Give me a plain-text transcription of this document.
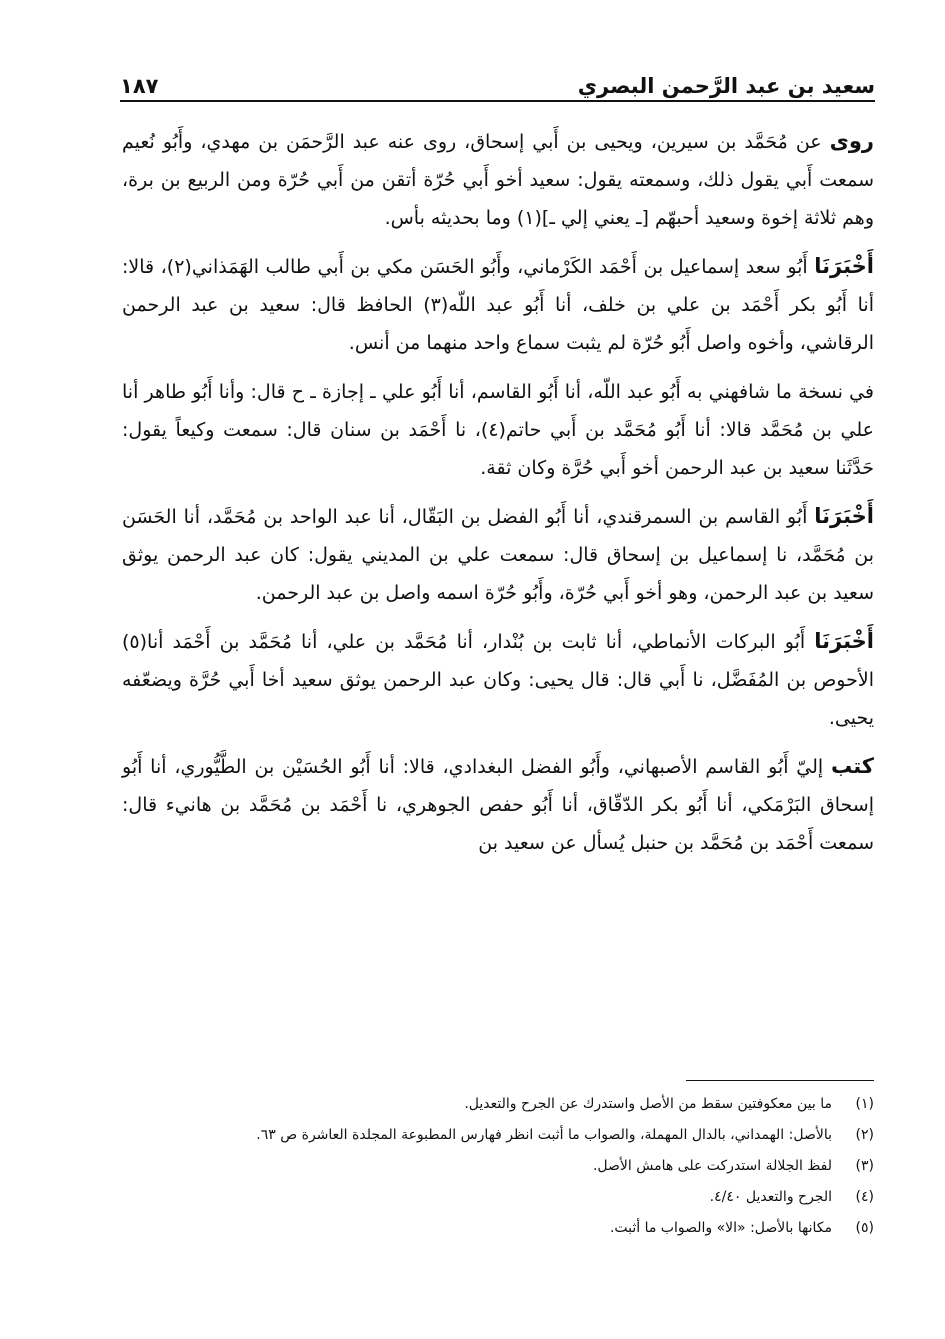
١٨٧	سعيد بن عبد الرَّحمن البصري

روى عن مُحَمَّد بن سيرين، ويحيى بن أَبي إسحاق، روى عنه عبد الرَّحمَن بن مهدي، وأَبُو نُعيم سمعت أَبي يقول ذلك، وسمعته يقول: سعيد أخو أَبي حُرّة أتقن من أَبي حُرّة ومن الربيع بن برة، وهم ثلاثة إخوة وسعيد أحبهّم [ـ يعني إلي ـ](١) وما بحديثه بأس.

أَخْبَرَنَا أَبُو سعد إسماعيل بن أَحْمَد الكَرْماني، وأَبُو الحَسَن مكي بن أَبي طالب الهَمَذاني(٢)، قالا: أنا أَبُو بكر أَحْمَد بن علي بن خلف، أنا أَبُو عبد اللّه(٣) الحافظ قال: سعيد بن عبد الرحمن الرقاشي، وأخوه واصل أَبُو حُرّة لم يثبت سماع واحد منهما من أنس.

في نسخة ما شافهني به أَبُو عبد اللّه، أنا أَبُو القاسم، أنا أَبُو علي ـ إجازة ـ ح قال: وأنا أَبُو طاهر أنا علي بن مُحَمَّد قالا: أنا أَبُو مُحَمَّد بن أَبي حاتم(٤)، نا أَحْمَد بن سنان قال: سمعت وكيعاً يقول: حَدَّثَنا سعيد بن عبد الرحمن أخو أَبي حُرَّة وكان ثقة.

أَخْبَرَنَا أَبُو القاسم بن السمرقندي، أنا أَبُو الفضل بن البَقّال، أنا عبد الواحد بن مُحَمَّد، أنا الحَسَن بن مُحَمَّد، نا إسماعيل بن إسحاق قال: سمعت علي بن المديني يقول: كان عبد الرحمن يوثق سعيد بن عبد الرحمن، وهو أخو أَبي حُرّة، وأَبُو حُرّة اسمه واصل بن عبد الرحمن.

أَخْبَرَنَا أَبُو البركات الأنماطي، أنا ثابت بن بُنْدار، أنا مُحَمَّد بن علي، أنا مُحَمَّد بن أَحْمَد أنا(٥) الأحوص بن المُفَضَّل، نا أَبي قال: قال يحيى: وكان عبد الرحمن يوثق سعيد أخا أَبي حُرَّة ويضعّفه يحيى.

كتب إليّ أَبُو القاسم الأصبهاني، وأَبُو الفضل البغدادي، قالا: أنا أَبُو الحُسَيْن بن الطَّيُّوري، أنا أَبُو إسحاق البَرْمَكي، أنا أَبُو بكر الدّقّاق، أنا أَبُو حفص الجوهري، نا أَحْمَد بن مُحَمَّد بن هانيء قال: سمعت أَحْمَد بن مُحَمَّد بن حنبل يُسأل عن سعيد بن

(١)
ما بين معكوفتين سقط من الأصل واستدرك عن الجرح والتعديل.
(٢)
بالأصل: الهمداني، بالدال المهملة، والصواب ما أثبت انظر فهارس المطبوعة المجلدة العاشرة ص ٦٣.
(٣)
لفظ الجلالة استدركت على هامش الأصل.
(٤)
الجرح والتعديل ٤/٤٠.
(٥)
مكانها بالأصل: «الا» والصواب ما أثبت.
